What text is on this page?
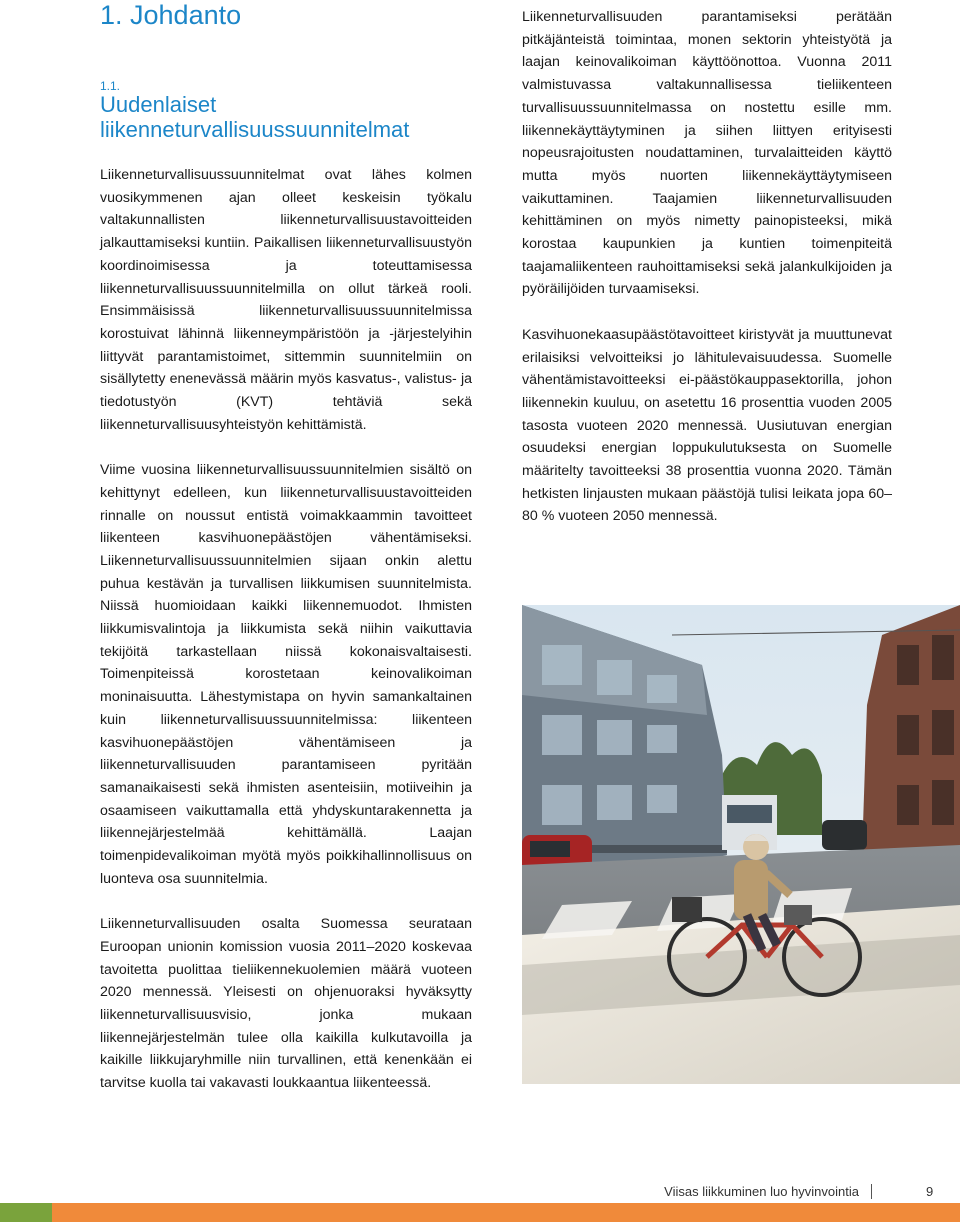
1. Johdanto
1.1.
Uudenlaiset liikenneturvallisuussuunnitelmat

Liikenneturvallisuussuunnitelmat ovat lähes kolmen vuosikymmenen ajan olleet keskeisin työkalu valtakunnallisten liikenneturvallisuustavoitteiden jalkauttamiseksi kuntiin. Paikallisen liikenneturvallisuustyön koordinoimisessa ja toteuttamisessa liikenneturvallisuussuunnitelmilla on ollut tärkeä rooli. Ensimmäisissä liikenneturvallisuussuunnitelmissa korostuivat lähinnä liikenneympäristöön ja -järjestelyihin liittyvät parantamistoimet, sittemmin suunnitelmiin on sisällytetty enenevässä määrin myös kasvatus-, valistus- ja tiedotustyön (KVT) tehtäviä sekä liikenneturvallisuusyhteistyön kehittämistä.

Viime vuosina liikenneturvallisuussuunnitelmien sisältö on kehittynyt edelleen, kun liikenneturvallisuustavoitteiden rinnalle on noussut entistä voimakkaammin tavoitteet liikenteen kasvihuonepäästöjen vähentämiseksi. Liikenneturvallisuussuunnitelmien sijaan onkin alettu puhua kestävän ja turvallisen liikkumisen suunnitelmista. Niissä huomioidaan kaikki liikennemuodot. Ihmisten liikkumisvalintoja ja liikkumista sekä niihin vaikuttavia tekijöitä tarkastellaan niissä kokonaisvaltaisesti. Toimenpiteissä korostetaan keinovalikoiman moninaisuutta. Lähestymistapa on hyvin samankaltainen kuin liikenneturvallisuussuunnitelmissa: liikenteen kasvihuonepäästöjen vähentämiseen ja liikenneturvallisuuden parantamiseen pyritään samanaikaisesti sekä ihmisten asenteisiin, motiiveihin ja osaamiseen vaikuttamalla että yhdyskuntarakennetta ja liikennejärjestelmää kehittämällä. Laajan toimenpidevalikoiman myötä myös poikkihallinnollisuus on luonteva osa suunnitelmia.

Liikenneturvallisuuden osalta Suomessa seurataan Euroopan unionin komission vuosia 2011–2020 koskevaa tavoitetta puolittaa tieliikennekuolemien määrä vuoteen 2020 mennessä. Yleisesti on ohjenuoraksi hyväksytty liikenneturvallisuusvisio, jonka mukaan liikennejärjestelmän tulee olla kaikilla kulkutavoilla ja kaikille liikkujaryhmille niin turvallinen, että kenenkään ei tarvitse kuolla tai vakavasti loukkaantua liikenteessä.

Liikenneturvallisuuden parantamiseksi perätään pitkäjänteistä toimintaa, monen sektorin yhteistyötä ja laajan keinovalikoiman käyttöönottoa. Vuonna 2011 valmistuvassa valtakunnallisessa tieliikenteen turvallisuussuunnitelmassa on nostettu esille mm. liikennekäyttäytyminen ja siihen liittyen erityisesti nopeusrajoitusten noudattaminen, turvalaitteiden käyttö mutta myös nuorten liikennekäyttäytymiseen vaikuttaminen. Taajamien liikenneturvallisuuden kehittäminen on myös nimetty painopisteeksi, mikä korostaa kaupunkien ja kuntien toimenpiteitä taajamaliikenteen rauhoittamiseksi sekä jalankulkijoiden ja pyöräilijöiden turvaamiseksi.

Kasvihuonekaasupäästötavoitteet kiristyvät ja muuttunevat erilaisiksi velvoitteiksi jo lähitulevaisuudessa. Suomelle vähentämistavoitteeksi ei-päästökauppasektorilla, johon liikennekin kuuluu, on asetettu 16 prosenttia vuoden 2005 tasosta vuoteen 2020 mennessä. Uusiutuvan energian osuudeksi energian loppukulutuksesta on Suomelle määritelty tavoitteeksi 38 prosenttia vuonna 2020. Tämän hetkisten linjausten mukaan päästöjä tulisi leikata jopa 60–80 % vuoteen 2050 mennessä.

Viisas liikkuminen luo hyvinvointia	9
